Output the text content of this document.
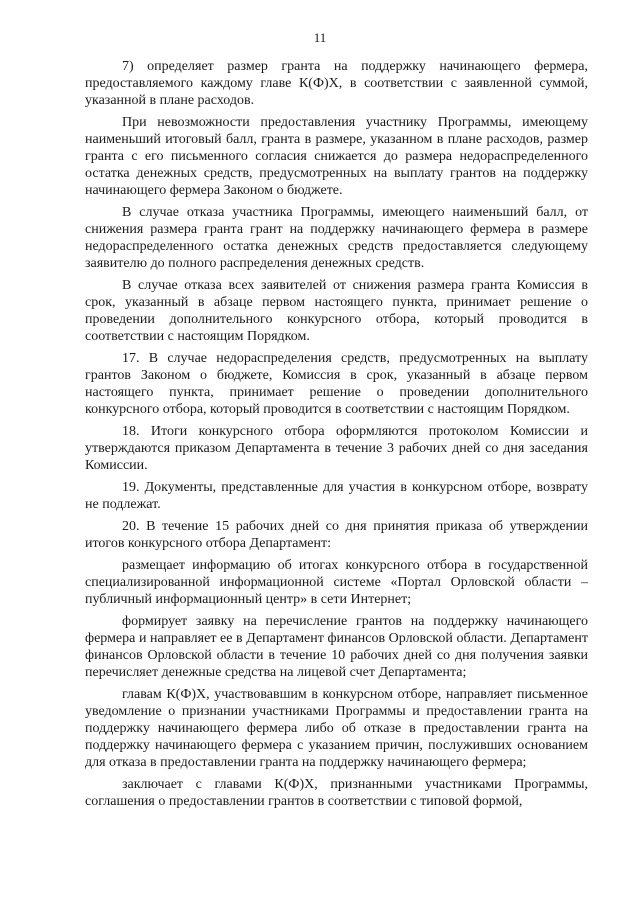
11

7) определяет размер гранта на поддержку начинающего фермера, предоставляемого каждому главе К(Ф)Х, в соответствии с заявленной суммой, указанной в плане расходов.

При невозможности предоставления участнику Программы, имеющему наименьший итоговый балл, гранта в размере, указанном в плане расходов, размер гранта с его письменного согласия снижается до размера недораспределенного остатка денежных средств, предусмотренных на выплату грантов на поддержку начинающего фермера Законом о бюджете.

В случае отказа участника Программы, имеющего наименьший балл, от снижения размера гранта грант на поддержку начинающего фермера в размере недораспределенного остатка денежных средств предоставляется следующему заявителю до полного распределения денежных средств.

В случае отказа всех заявителей от снижения размера гранта Комиссия в срок, указанный в абзаце первом настоящего пункта, принимает решение о проведении дополнительного конкурсного отбора, который проводится в соответствии с настоящим Порядком.

17. В случае недораспределения средств, предусмотренных на выплату грантов Законом о бюджете, Комиссия в срок, указанный в абзаце первом настоящего пункта, принимает решение о проведении дополнительного конкурсного отбора, который проводится в соответствии с настоящим Порядком.

18. Итоги конкурсного отбора оформляются протоколом Комиссии и утверждаются приказом Департамента в течение 3 рабочих дней со дня заседания Комиссии.

19. Документы, представленные для участия в конкурсном отборе, возврату не подлежат.

20. В течение 15 рабочих дней со дня принятия приказа об утверждении итогов конкурсного отбора Департамент:

размещает информацию об итогах конкурсного отбора в государственной специализированной информационной системе «Портал Орловской области – публичный информационный центр» в сети Интернет;

формирует заявку на перечисление грантов на поддержку начинающего фермера и направляет ее в Департамент финансов Орловской области. Департамент финансов Орловской области в течение 10 рабочих дней со дня получения заявки перечисляет денежные средства на лицевой счет Департамента;

главам К(Ф)Х, участвовавшим в конкурсном отборе, направляет письменное уведомление о признании участниками Программы и предоставлении гранта на поддержку начинающего фермера либо об отказе в предоставлении гранта на поддержку начинающего фермера с указанием причин, послуживших основанием для отказа в предоставлении гранта на поддержку начинающего фермера;

заключает с главами К(Ф)Х, признанными участниками Программы, соглашения о предоставлении грантов в соответствии с типовой формой,
